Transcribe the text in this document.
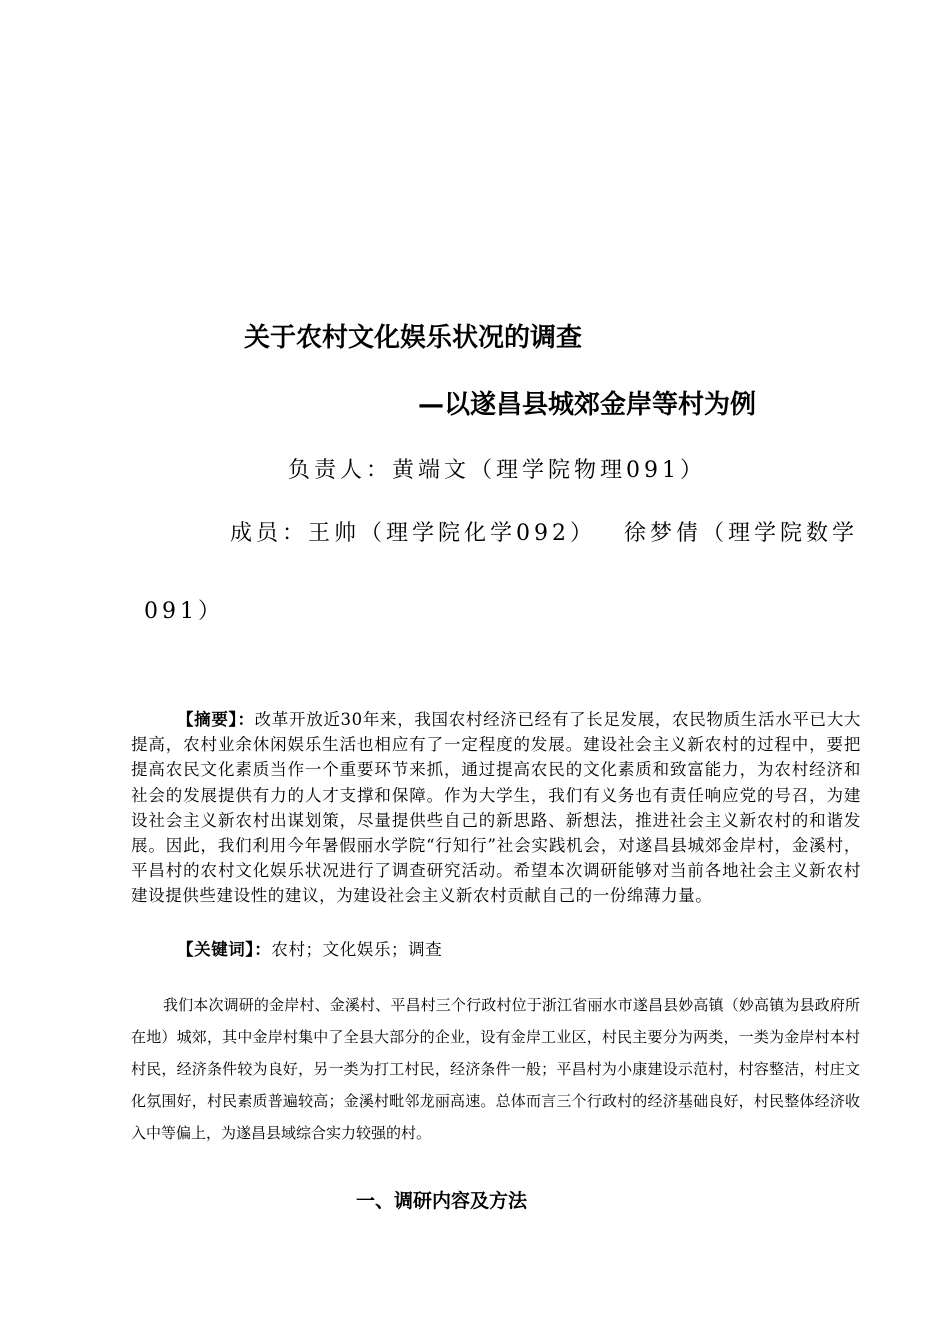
关于农村文化娱乐状况的调查
—以遂昌县城郊金岸等村为例

负责人：黄端文（理学院物理091）

成员：王帅（理学院化学092） 徐梦倩（理学院数学

091）

【摘要】：改革开放近30年来，我国农村经济已经有了长足发展，农民物质生活水平已大大提高，农村业余休闲娱乐生活也相应有了一定程度的发展。建设社会主义新农村的过程中，要把提高农民文化素质当作一个重要环节来抓，通过提高农民的文化素质和致富能力，为农村经济和社会的发展提供有力的人才支撑和保障。作为大学生，我们有义务也有责任响应党的号召，为建设社会主义新农村出谋划策，尽量提供些自己的新思路、新想法，推进社会主义新农村的和谐发展。因此，我们利用今年暑假丽水学院“行知行”社会实践机会，对遂昌县城郊金岸村，金溪村，平昌村的农村文化娱乐状况进行了调查研究活动。希望本次调研能够对当前各地社会主义新农村建设提供些建设性的建议，为建设社会主义新农村贡献自己的一份绵薄力量。

【关键词】：农村；文化娱乐；调查

我们本次调研的金岸村、金溪村、平昌村三个行政村位于浙江省丽水市遂昌县妙高镇（妙高镇为县政府所在地）城郊，其中金岸村集中了全县大部分的企业，设有金岸工业区，村民主要分为两类，一类为金岸村本村村民，经济条件较为良好，另一类为打工村民，经济条件一般；平昌村为小康建设示范村，村容整洁，村庄文化氛围好，村民素质普遍较高；金溪村毗邻龙丽高速。总体而言三个行政村的经济基础良好，村民整体经济收入中等偏上，为遂昌县域综合实力较强的村。

一、调研内容及方法
